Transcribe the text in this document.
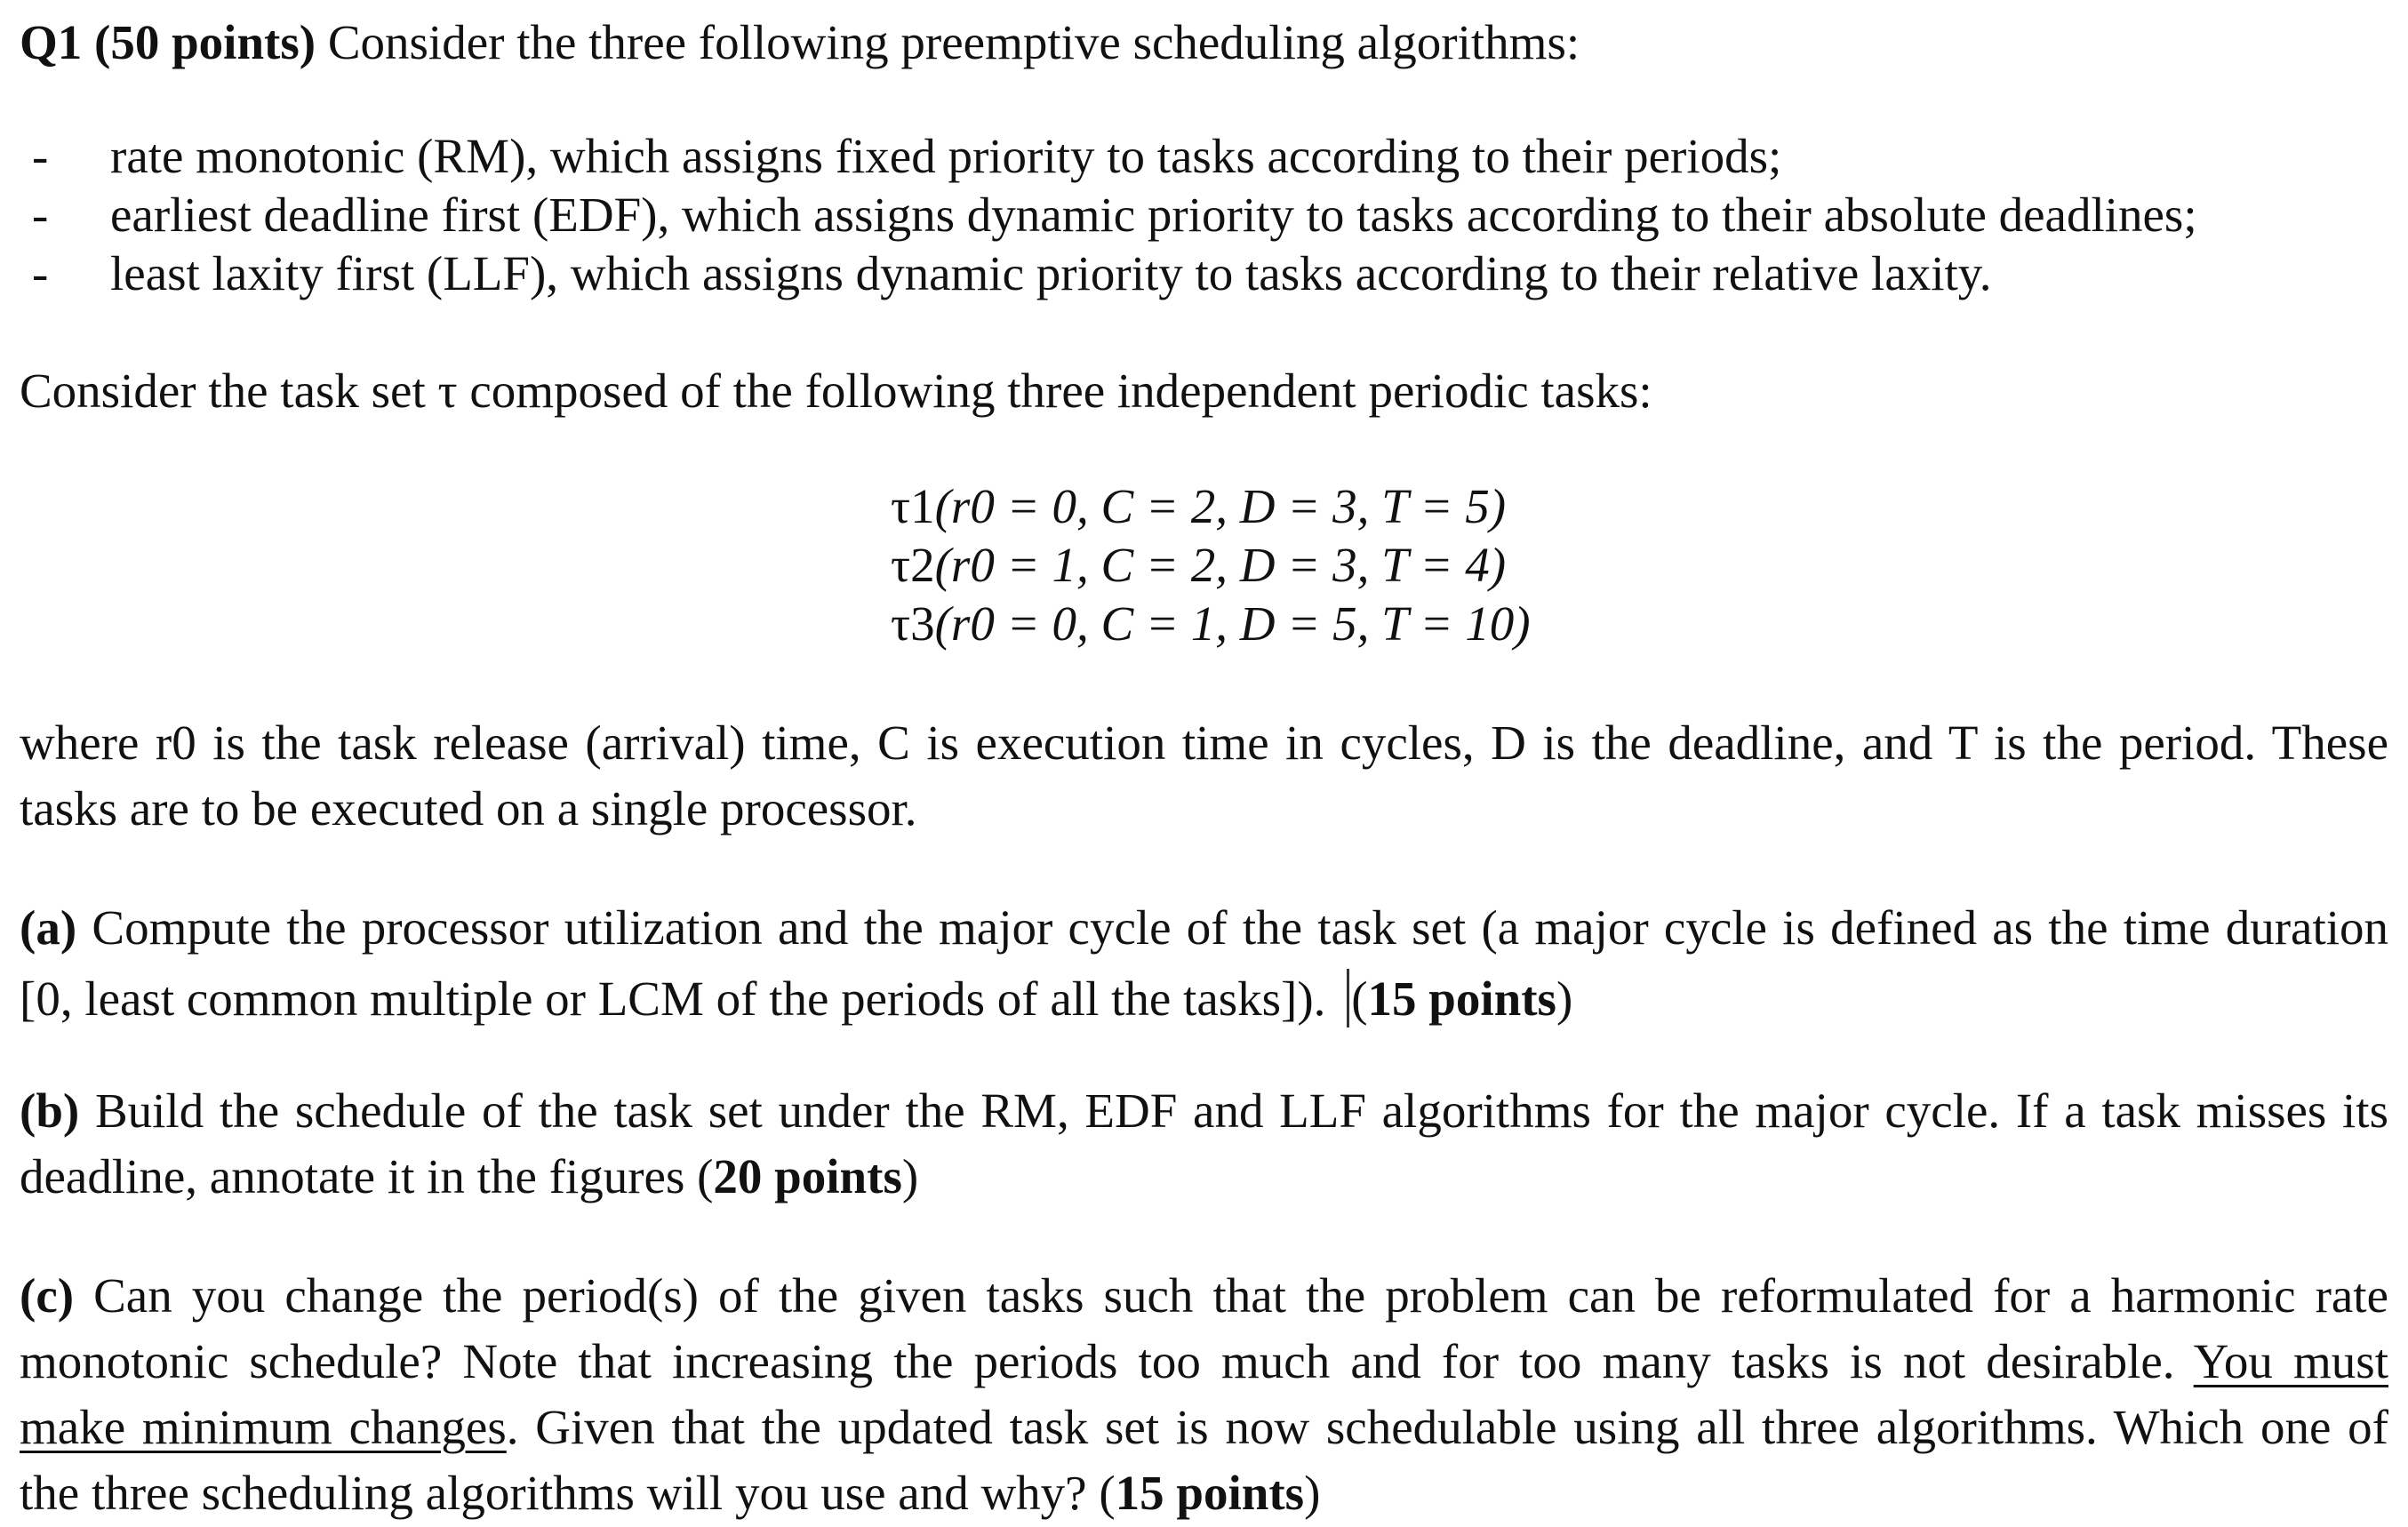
Q1 (50 points) Consider the three following preemptive scheduling algorithms:
- rate monotonic (RM), which assigns fixed priority to tasks according to their periods;
- earliest deadline first (EDF), which assigns dynamic priority to tasks according to their absolute deadlines;
- least laxity first (LLF), which assigns dynamic priority to tasks according to their relative laxity.
Consider the task set τ composed of the following three independent periodic tasks:
τ1(r0 = 0, C = 2, D = 3, T = 5)
τ2(r0 = 1, C = 2, D = 3, T = 4)
τ3(r0 = 0, C = 1, D = 5, T = 10)
where r0 is the task release (arrival) time, C is execution time in cycles, D is the deadline, and T is the period. These
tasks are to be executed on a single processor.
(a) Compute the processor utilization and the major cycle of the task set (a major cycle is defined as the time duration
[0, least common multiple or LCM of the periods of all the tasks]). (15 points)
(b) Build the schedule of the task set under the RM, EDF and LLF algorithms for the major cycle. If a task misses its
deadline, annotate it in the figures (20 points)
(c) Can you change the period(s) of the given tasks such that the problem can be reformulated for a harmonic rate
monotonic schedule? Note that increasing the periods too much and for too many tasks is not desirable. You must
make minimum changes. Given that the updated task set is now schedulable using all three algorithms. Which one of
the three scheduling algorithms will you use and why? (15 points)
